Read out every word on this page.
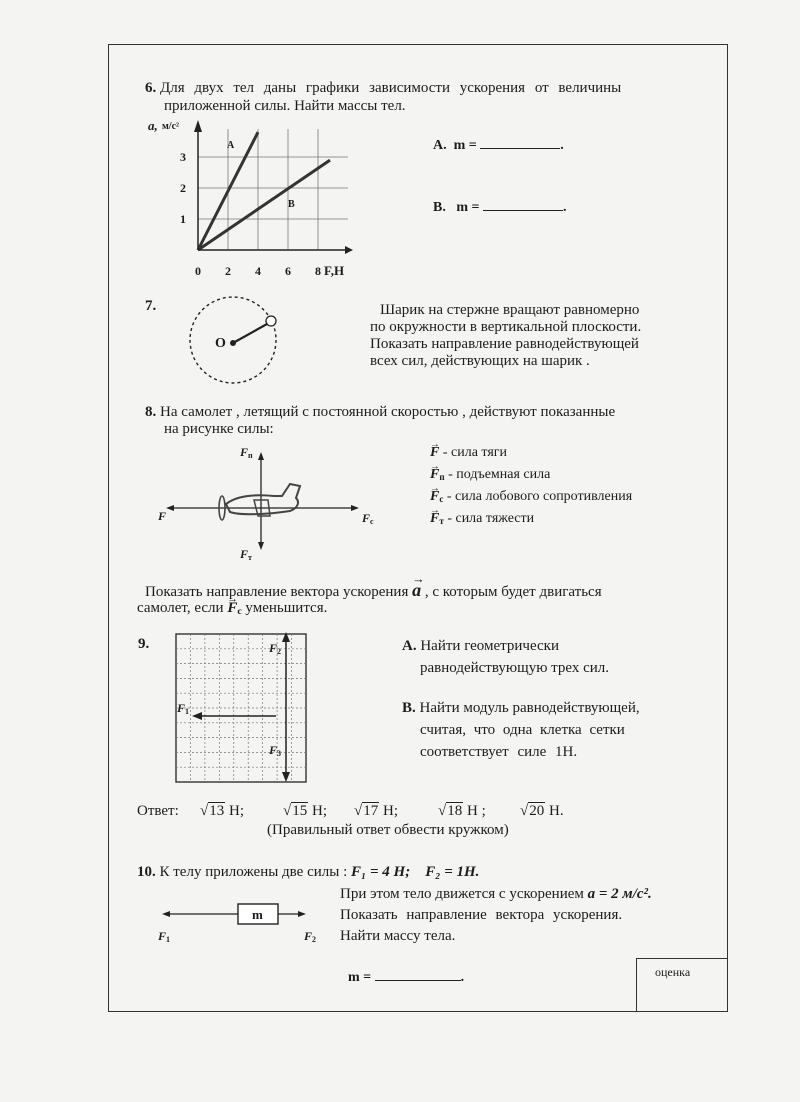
6. Для двух тел даны графики зависимости ускорения от величины
приложенной силы. Найти массы тел.
a, м/с²
F,H
0 2 4 6 8
1
2
3
A
B
A. m =	.
B. m =	.
7.
O
Шарик на стержне вращают равномерно
по окружности в вертикальной плоскости.
Показать направление равнодействующей
всех сил, действующих на шарик .
8. На самолет , летящий с постоянной скоростью , действуют показанные
на рисунке силы:
F п
F	F c
F т
→ F - сила тяги
→ $F_п$ - подъемная сила
→ $F_c$ - сила лобового сопротивления
→ $F_т$ - сила тяжести
Показать направление вектора ускорения → a , с которым будет двигаться
самолет, если → Fc уменьшится.
9.
F 1
F 2
F 3
A. Найти геометрически
равнодействующую трех сил.
B. Найти модуль равнодействующей,
считая, что одна клетка сетки
соответствует силе 1Н.
Ответ: √13 Н;	√15 Н; √17 Н;	√18 Н ; √20 Н.
(Правильный ответ обвести кружком)
10. К телу приложены две силы : F₁ = 4 Н; F₂ = 1Н.
При этом тело движется с ускорением a = 2 м/с².
Показать направление вектора ускорения.
Найти массу тела.
m
F 1	F 2
m =	.	оценка
